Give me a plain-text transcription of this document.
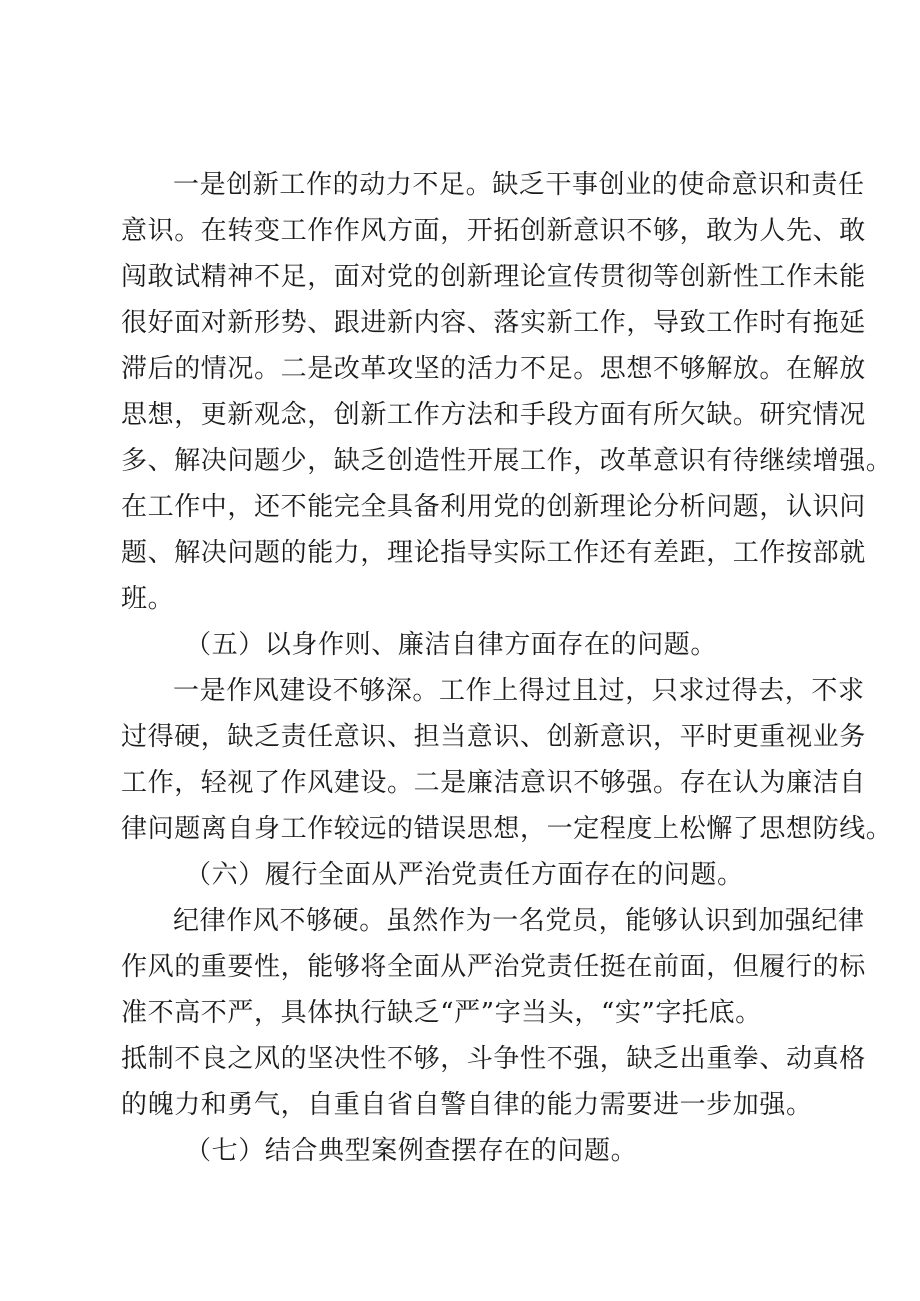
一是创新工作的动力不足。缺乏干事创业的使命意识和责任
意识。在转变工作作风方面，开拓创新意识不够，敢为人先、敢
闯敢试精神不足，面对党的创新理论宣传贯彻等创新性工作未能
很好面对新形势、跟进新内容、落实新工作，导致工作时有拖延
滞后的情况。二是改革攻坚的活力不足。思想不够解放。在解放
思想，更新观念，创新工作方法和手段方面有所欠缺。研究情况
多、解决问题少，缺乏创造性开展工作，改革意识有待继续增强。
在工作中，还不能完全具备利用党的创新理论分析问题，认识问
题、解决问题的能力，理论指导实际工作还有差距，工作按部就
班。

（五）以身作则、廉洁自律方面存在的问题。

一是作风建设不够深。工作上得过且过，只求过得去，不求
过得硬，缺乏责任意识、担当意识、创新意识，平时更重视业务
工作，轻视了作风建设。二是廉洁意识不够强。存在认为廉洁自
律问题离自身工作较远的错误思想，一定程度上松懈了思想防线。

（六）履行全面从严治党责任方面存在的问题。

纪律作风不够硬。虽然作为一名党员，能够认识到加强纪律
作风的重要性，能够将全面从严治党责任挺在前面，但履行的标
准不高不严，具体执行缺乏“严”字当头，“实”字托底。

抵制不良之风的坚决性不够，斗争性不强，缺乏出重拳、动真格
的魄力和勇气，自重自省自警自律的能力需要进一步加强。

（七）结合典型案例查摆存在的问题。
